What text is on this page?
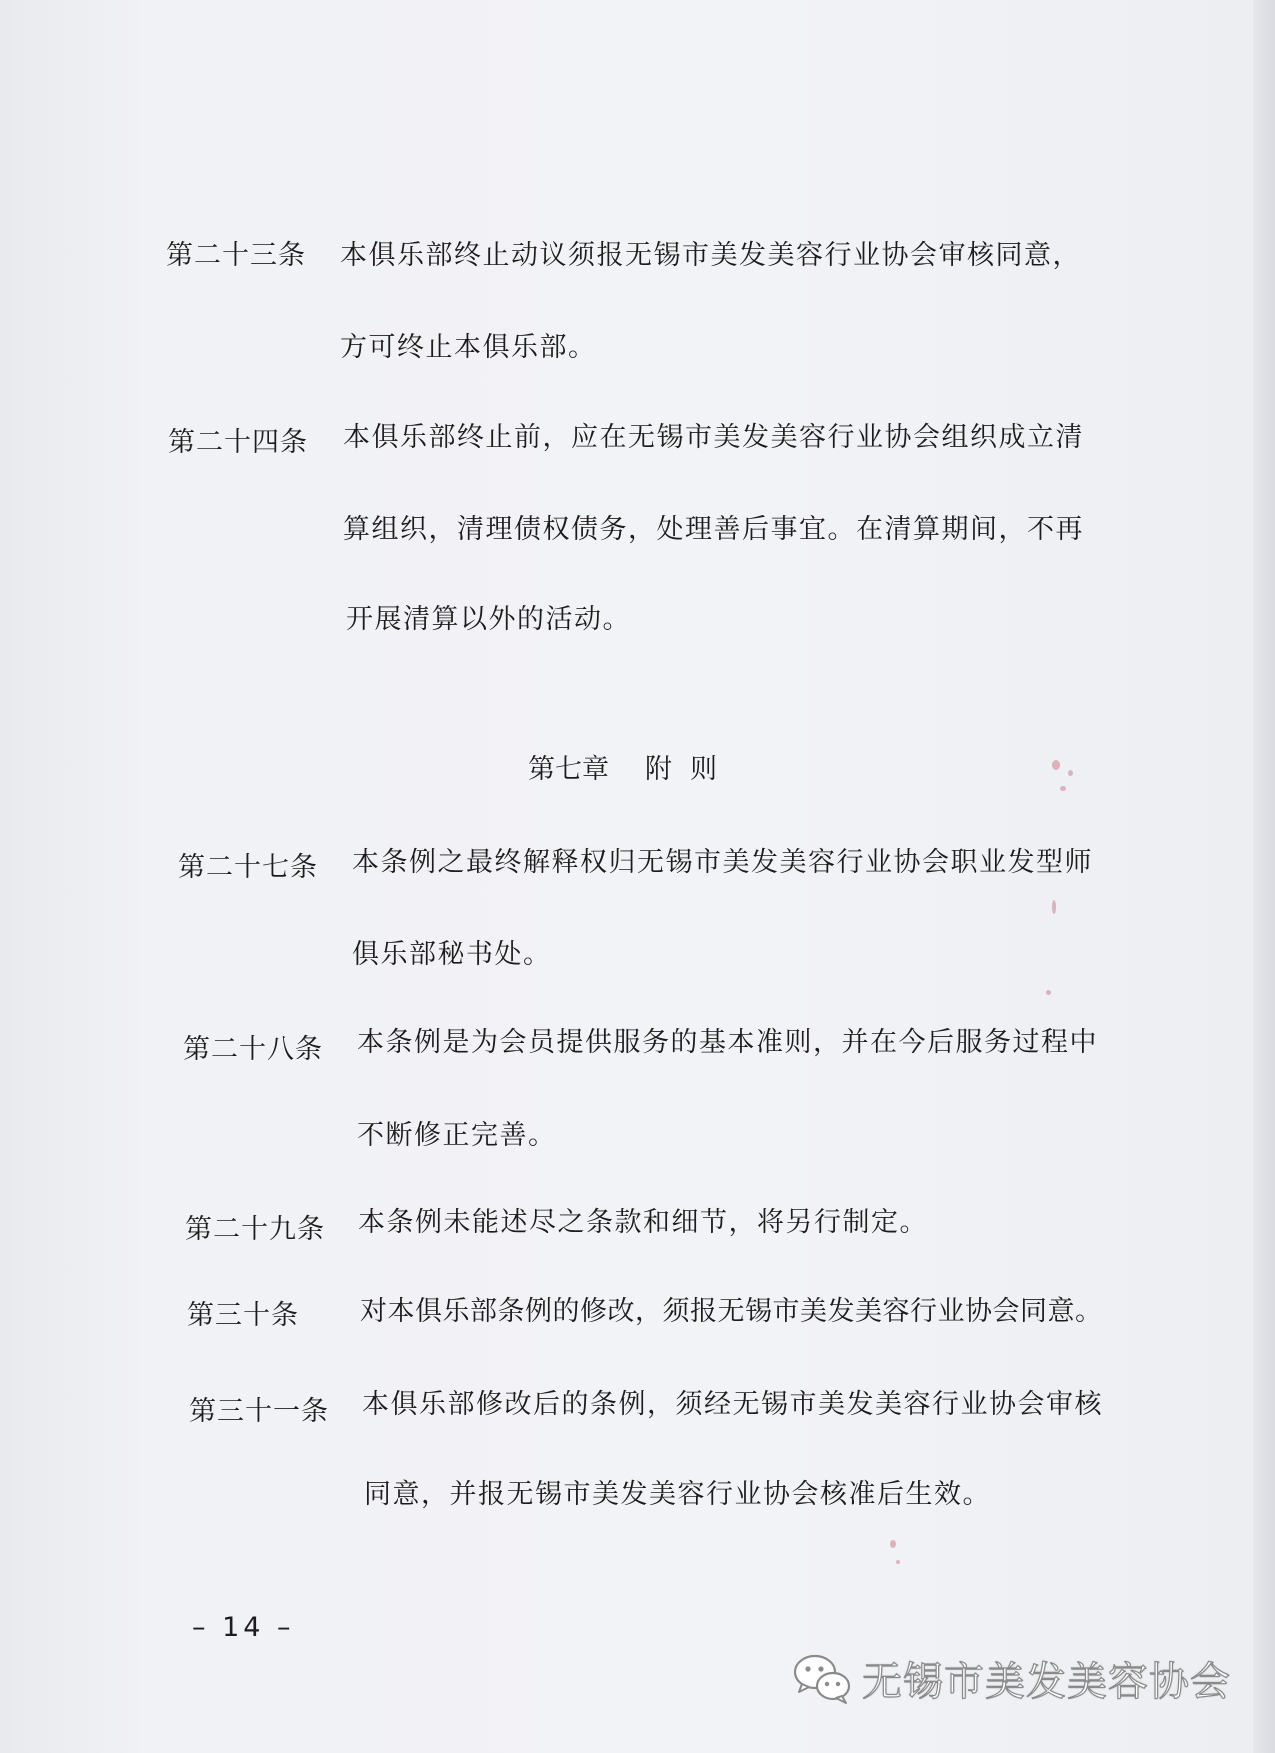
第二十三条 本俱乐部终止动议须报无锡市美发美容行业协会审核同意，
方可终止本俱乐部。
第二十四条 本俱乐部终止前，应在无锡市美发美容行业协会组织成立清
算组织，清理债权债务，处理善后事宜。在清算期间，不再
开展清算以外的活动。
第七章 附则
第二十七条 本条例之最终解释权归无锡市美发美容行业协会职业发型师
俱乐部秘书处。
第二十八条 本条例是为会员提供服务的基本准则，并在今后服务过程中
不断修正完善。
第二十九条 本条例未能述尽之条款和细节，将另行制定。
第三十条 对本俱乐部条例的修改，须报无锡市美发美容行业协会同意。
第三十一条 本俱乐部修改后的条例，须经无锡市美发美容行业协会审核
同意，并报无锡市美发美容行业协会核准后生效。
– 14 –
无锡市美发美容协会
